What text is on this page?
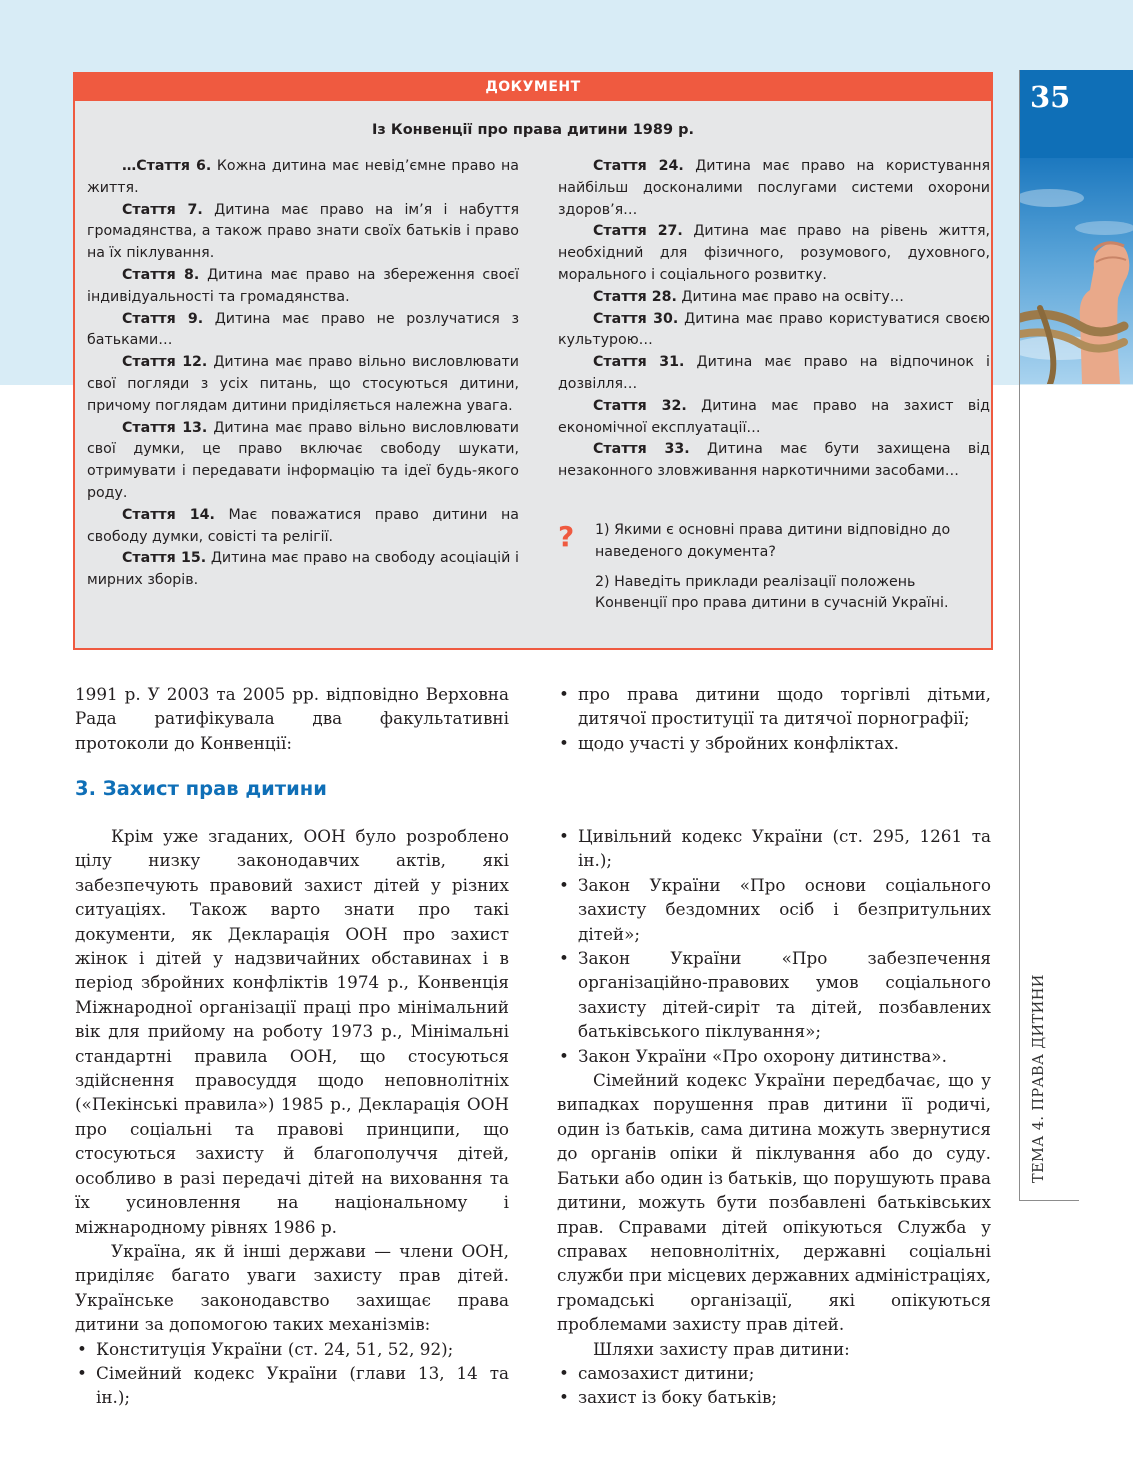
35
ТЕМА 4. ПРАВА ДИТИНИ
ДОКУМЕНТ
Із Конвенції про права дитини 1989 р.

…Стаття 6. Кожна дитина має невід’ємне право на життя.

Стаття 7. Дитина має право на ім’я і набуття громадянства, а також право знати своїх батьків і право на їх піклування.

Стаття 8. Дитина має право на збереження своєї індивідуальності та громадянства.

Стаття 9. Дитина має право не розлучатися з батьками…

Стаття 12. Дитина має право вільно висловлювати свої погляди з усіх питань, що стосуються дитини, причому поглядам дитини приділяється належна увага.

Стаття 13. Дитина має право вільно висловлювати свої думки, це право включає свободу шукати, отримувати і передавати інформацію та ідеї будь-якого роду.

Стаття 14. Має поважатися право дитини на свободу думки, совісті та релігії.

Стаття 15. Дитина має право на свободу асоціацій і мирних зборів.

Стаття 24. Дитина має право на користування найбільш досконалими послугами системи охорони здоров’я…

Стаття 27. Дитина має право на рівень життя, необхідний для фізичного, розумового, духовного, морального і соціального розвитку.

Стаття 28. Дитина має право на освіту…

Стаття 30. Дитина має право користуватися своєю культурою…

Стаття 31. Дитина має право на відпочинок і дозвілля…

Стаття 32. Дитина має право на захист від економічної експлуатації…

Стаття 33. Дитина має бути захищена від незаконного зловживання наркотичними засобами…

? 1) Якими є основні права дитини відповідно до наведеного документа?

2) Наведіть приклади реалізації положень Конвенції про права дитини в сучасній Україні.

1991 р. У 2003 та 2005 рр. відповідно Верховна Рада ратифікувала два факультативні протоколи до Конвенції:

• про права дитини щодо торгівлі дітьми, дитячої проституції та дитячої порнографії;
• щодо участі у збройних конфліктах.
3. Захист прав дитини

Крім уже згаданих, ООН було розроблено цілу низку законодавчих актів, які забезпечують правовий захист дітей у різних ситуаціях. Також варто знати про такі документи, як Декларація ООН про захист жінок і дітей у надзвичайних обставинах і в період збройних конфліктів 1974 р., Конвенція Міжнародної організації праці про мінімальний вік для прийому на роботу 1973 р., Мінімальні стандартні правила ООН, що стосуються здійснення правосуддя щодо неповнолітніх («Пекінські правила») 1985 р., Декларація ООН про соціальні та правові принципи, що стосуються захисту й благополуччя дітей, особливо в разі передачі дітей на виховання та їх усиновлення на національному і міжнародному рівнях 1986 р.

Україна, як й інші держави — члени ООН, приділяє багато уваги захисту прав дітей. Українське законодавство захищає права дитини за допомогою таких механізмів:

• Конституція України (ст. 24, 51, 52, 92);
• Сімейний кодекс України (глави 13, 14 та ін.);
• Цивільний кодекс України (ст. 295, 1261 та ін.);
• Закон України «Про основи соціального захисту бездомних осіб і безпритульних дітей»;
• Закон України «Про забезпечення організаційно-правових умов соціального захисту дітей-сиріт та дітей, позбавлених батьківського піклування»;
• Закон України «Про охорону дитинства».

Сімейний кодекс України передбачає, що у випадках порушення прав дитини її родичі, один із батьків, сама дитина можуть звернутися до органів опіки й піклування або до суду. Батьки або один із батьків, що порушують права дитини, можуть бути позбавлені батьківських прав. Справами дітей опікуються Служба у справах неповнолітніх, державні соціальні служби при місцевих державних адміністраціях, громадські організації, які опікуються проблемами захисту прав дітей.

Шляхи захисту прав дитини:

• самозахист дитини;
• захист із боку батьків;
